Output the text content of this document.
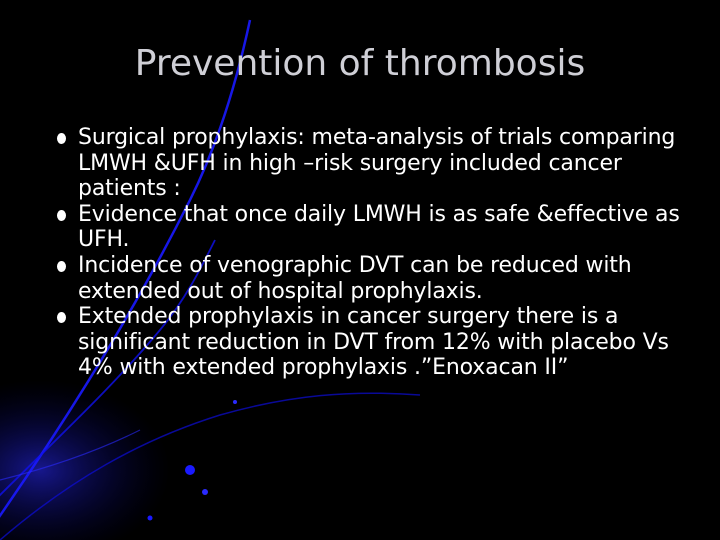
Prevention of thrombosis
Surgical prophylaxis: meta-analysis of trials comparing LMWH &UFH in high –risk surgery included cancer patients :
Evidence that once daily LMWH is as safe &effective as UFH.
Incidence of venographic DVT can be reduced with extended out of hospital prophylaxis.
Extended prophylaxis in cancer surgery there is a significant reduction in DVT from 12% with placebo Vs 4% with extended prophylaxis .”Enoxacan II”
